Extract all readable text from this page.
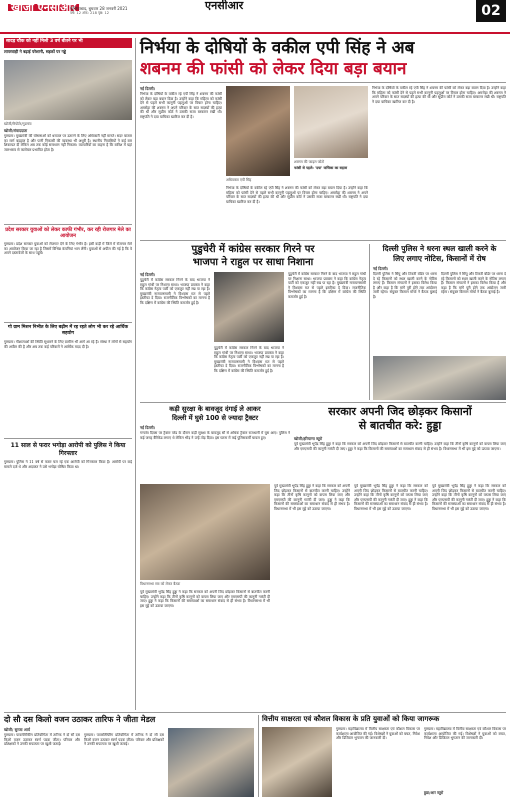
खोजी एनसीआर
गाज़ियाबाद, बुधवार 28 जनवरी 2021
वर्ष: 12 अंक: 218 पृष्ठ: 12
एनसीआर	02
सादड़ चौक को नहीं मिली 3 वर्ष बीतने पर भी
लापरवाही ने बढ़ाई परेशानी, सड़कों पर गड्ढे
खोजी/रिपोर्टर/गुडगांव
खोजी/संवाददाता
गुरुग्राम। मुख्यमंत्री की घोषणाओं को धरातल पर उतारने के लिए अधिकारी नहीं मानते। सदर बाजार का मार्ग बदहाल है और पानी निकासी की व्यवस्था भी अधूरी है। स्थानीय निवासियों ने कई बार शिकायत दी लेकिन अब तक कोई समाधान नहीं निकला। व्यापारियों का कहना है कि बारिश में यहां जलभराव से कारोबार प्रभावित होता है।
प्रदेश सरकार युवाओं को लेकर काफी गंभीर, कर रही रोजगार मेले का आयोजन
गुरुग्राम। प्रदेश सरकार युवाओं को रोजगार देने के लिए गंभीर है। इसी कड़ी में जिले में रोजगार मेले का आयोजन किया जा रहा है जिसमें विभिन्न कंपनियां भाग लेंगी। युवाओं से अपील की गई है कि वे अपने दस्तावेजों के साथ पहुंचें।
गो ग्राम मिशन निभीत के लिए बढ़ीम में रह रहते लोग भी कर रहे आर्थिक सहयोग
गुरुग्राम। गौशालाओं की स्थिति सुधारने के लिए ग्रामीण भी आगे आ रहे हैं। संस्था ने लोगों से सहयोग की अपील की है और अब तक कई परिवारों ने आर्थिक मदद दी है।
11 साल से फरार भगोड़ा आरोपी को पुलिस ने किया गिरफ्तार
गुरुग्राम। पुलिस ने 11 वर्ष से फरार चल रहे एक आरोपी को गिरफ्तार किया है। आरोपी पर कई मामले दर्ज थे और अदालत ने उसे भगोड़ा घोषित किया था।
निर्भया के दोषियों के वकील एपी सिंह ने अब
शबनम की फांसी को लेकर दिया बड़ा बयान
नई दिल्ली।
निर्भया के दोषियों के वकील रहे एपी सिंह ने शबनम की फांसी को लेकर बड़ा बयान दिया है। उन्होंने कहा कि महिला को फांसी देने से पहले सभी कानूनी पहलुओं पर विचार होना चाहिए। अमरोहा की शबनम ने अपने परिवार के सात सदस्यों की हत्या की थी और सुप्रीम कोर्ट ने उसकी सजा बरकरार रखी थी। राष्ट्रपति ने दया याचिका खारिज कर दी है।
अधिवक्ता एपी सिंह
शबनम की फाइल फोटो
फांसी से पहले: 'दया' याचिका का सहारा
निर्भया के दोषियों के वकील रहे एपी सिंह ने शबनम की फांसी को लेकर बड़ा बयान दिया है। उन्होंने कहा कि महिला को फांसी देने से पहले सभी कानूनी पहलुओं पर विचार होना चाहिए। अमरोहा की शबनम ने अपने परिवार के सात सदस्यों की हत्या की थी और सुप्रीम कोर्ट ने उसकी सजा बरकरार रखी थी। राष्ट्रपति ने दया याचिका खारिज कर दी है।
निर्भया के दोषियों के वकील रहे एपी सिंह ने शबनम की फांसी को लेकर बड़ा बयान दिया है। उन्होंने कहा कि महिला को फांसी देने से पहले सभी कानूनी पहलुओं पर विचार होना चाहिए। अमरोहा की शबनम ने अपने परिवार के सात सदस्यों की हत्या की थी और सुप्रीम कोर्ट ने उसकी सजा बरकरार रखी थी। राष्ट्रपति ने दया याचिका खारिज कर दी है।
पुडुचेरी में कांग्रेस सरकार गिरने पर
भाजपा ने राहुल पर साधा निशाना
नई दिल्ली।
पुडुचेरी में कांग्रेस सरकार गिरने के बाद भाजपा ने राहुल गांधी पर निशाना साधा। भाजपा प्रवक्ता ने कहा कि कांग्रेस नेतृत्व पार्टी को एकजुट नहीं रख पा रहा है। मुख्यमंत्री नारायणसामी ने विश्वास मत से पहले इस्तीफा दे दिया। राजनीतिक विश्लेषकों का मानना है कि दक्षिण में कांग्रेस की स्थिति कमजोर हुई है।
पुडुचेरी में कांग्रेस सरकार गिरने के बाद भाजपा ने राहुल गांधी पर निशाना साधा। भाजपा प्रवक्ता ने कहा कि कांग्रेस नेतृत्व पार्टी को एकजुट नहीं रख पा रहा है। मुख्यमंत्री नारायणसामी ने विश्वास मत से पहले इस्तीफा दे दिया। राजनीतिक विश्लेषकों का मानना है कि दक्षिण में कांग्रेस की स्थिति कमजोर हुई है।
पुडुचेरी में कांग्रेस सरकार गिरने के बाद भाजपा ने राहुल गांधी पर निशाना साधा। भाजपा प्रवक्ता ने कहा कि कांग्रेस नेतृत्व पार्टी को एकजुट नहीं रख पा रहा है। मुख्यमंत्री नारायणसामी ने विश्वास मत से पहले इस्तीफा दे दिया। राजनीतिक विश्लेषकों का मानना है कि दक्षिण में कांग्रेस की स्थिति कमजोर हुई है।
दिल्ली पुलिस ने धरना स्थल खाली करने के
लिए लगाए नोटिस, किसानों में रोष
नई दिल्ली।
दिल्ली पुलिस ने सिंघु और टिकरी बॉर्डर पर धरना दे रहे किसानों को स्थल खाली करने के नोटिस लगाए हैं। किसान संगठनों ने इसका विरोध किया है और कहा है कि मांगें पूरी होने तक आंदोलन जारी रहेगा। संयुक्त किसान मोर्चा ने बैठक बुलाई है।
दिल्ली पुलिस ने सिंघु और टिकरी बॉर्डर पर धरना दे रहे किसानों को स्थल खाली करने के नोटिस लगाए हैं। किसान संगठनों ने इसका विरोध किया है और कहा है कि मांगें पूरी होने तक आंदोलन जारी रहेगा। संयुक्त किसान मोर्चा ने बैठक बुलाई है।
कड़ी सुरक्षा के बावजूद दंगाई ले आकर
दिल्ली में घुसे 100 से ज्यादा ट्रैक्टर
नई दिल्ली।
गणतंत्र दिवस पर ट्रैक्टर परेड के दौरान कड़ी सुरक्षा के बावजूद सौ से अधिक ट्रैक्टर राजधानी में घुस आए। पुलिस ने कई जगह बैरिकेड लगाए थे लेकिन भीड़ ने उन्हें तोड़ दिया। इस घटना में कई पुलिसकर्मी घायल हुए।
सरकार अपनी जिद छोड़कर किसानों
से बातचीत करे: हुड्डा
खोजी/हरियाणा ब्यूरो
पूर्व मुख्यमंत्री भूपेंद्र सिंह हुड्डा ने कहा कि सरकार को अपनी जिद छोड़कर किसानों से बातचीत करनी चाहिए। उन्होंने कहा कि तीनों कृषि कानूनों को वापस लिया जाए और एमएसपी की कानूनी गारंटी दी जाए। हुड्डा ने कहा कि किसानों की समस्याओं का समाधान संवाद से ही संभव है। विधानसभा में भी इस मुद्दे को उठाया जाएगा।
विधानसभा सत्र को लेकर बैठक
पूर्व मुख्यमंत्री भूपेंद्र सिंह हुड्डा ने कहा कि सरकार को अपनी जिद छोड़कर किसानों से बातचीत करनी चाहिए। उन्होंने कहा कि तीनों कृषि कानूनों को वापस लिया जाए और एमएसपी की कानूनी गारंटी दी जाए। हुड्डा ने कहा कि किसानों की समस्याओं का समाधान संवाद से ही संभव है। विधानसभा में भी इस मुद्दे को उठाया जाएगा।
पूर्व मुख्यमंत्री भूपेंद्र सिंह हुड्डा ने कहा कि सरकार को अपनी जिद छोड़कर किसानों से बातचीत करनी चाहिए। उन्होंने कहा कि तीनों कृषि कानूनों को वापस लिया जाए और एमएसपी की कानूनी गारंटी दी जाए। हुड्डा ने कहा कि किसानों की समस्याओं का समाधान संवाद से ही संभव है। विधानसभा में भी इस मुद्दे को उठाया जाएगा।
पूर्व मुख्यमंत्री भूपेंद्र सिंह हुड्डा ने कहा कि सरकार को अपनी जिद छोड़कर किसानों से बातचीत करनी चाहिए। उन्होंने कहा कि तीनों कृषि कानूनों को वापस लिया जाए और एमएसपी की कानूनी गारंटी दी जाए। हुड्डा ने कहा कि किसानों की समस्याओं का समाधान संवाद से ही संभव है। विधानसभा में भी इस मुद्दे को उठाया जाएगा।
पूर्व मुख्यमंत्री भूपेंद्र सिंह हुड्डा ने कहा कि सरकार को अपनी जिद छोड़कर किसानों से बातचीत करनी चाहिए। उन्होंने कहा कि तीनों कृषि कानूनों को वापस लिया जाए और एमएसपी की कानूनी गारंटी दी जाए। हुड्डा ने कहा कि किसानों की समस्याओं का समाधान संवाद से ही संभव है। विधानसभा में भी इस मुद्दे को उठाया जाएगा।
दो सौ दस किलो वजन उठाकर तारिफ ने जीता मेडल
खोजी/ सुरजा आर्य
गुरुग्राम। पावरलिफ्टिंग प्रतियोगिता में तारिफ ने दो सौ दस किलो वजन उठाकर स्वर्ण पदक जीता। परिवार और प्रशिक्षकों ने उनकी सफलता पर खुशी जताई।
गुरुग्राम। पावरलिफ्टिंग प्रतियोगिता में तारिफ ने दो सौ दस किलो वजन उठाकर स्वर्ण पदक जीता। परिवार और प्रशिक्षकों ने उनकी सफलता पर खुशी जताई।
वित्तीय साक्षरता एवं कौशल विकास के प्रति युवाओं को किया जागरूक
गुरुग्राम। महाविद्यालय में वित्तीय साक्षरता एवं कौशल विकास पर कार्यशाला आयोजित की गई। विशेषज्ञों ने युवाओं को बचत, निवेश और डिजिटल भुगतान की जानकारी दी।
गुरुग्राम। महाविद्यालय में वित्तीय साक्षरता एवं कौशल विकास पर कार्यशाला आयोजित की गई। विशेषज्ञों ने युवाओं को बचत, निवेश और डिजिटल भुगतान की जानकारी दी।
हुडा/आर ब्यूरो
